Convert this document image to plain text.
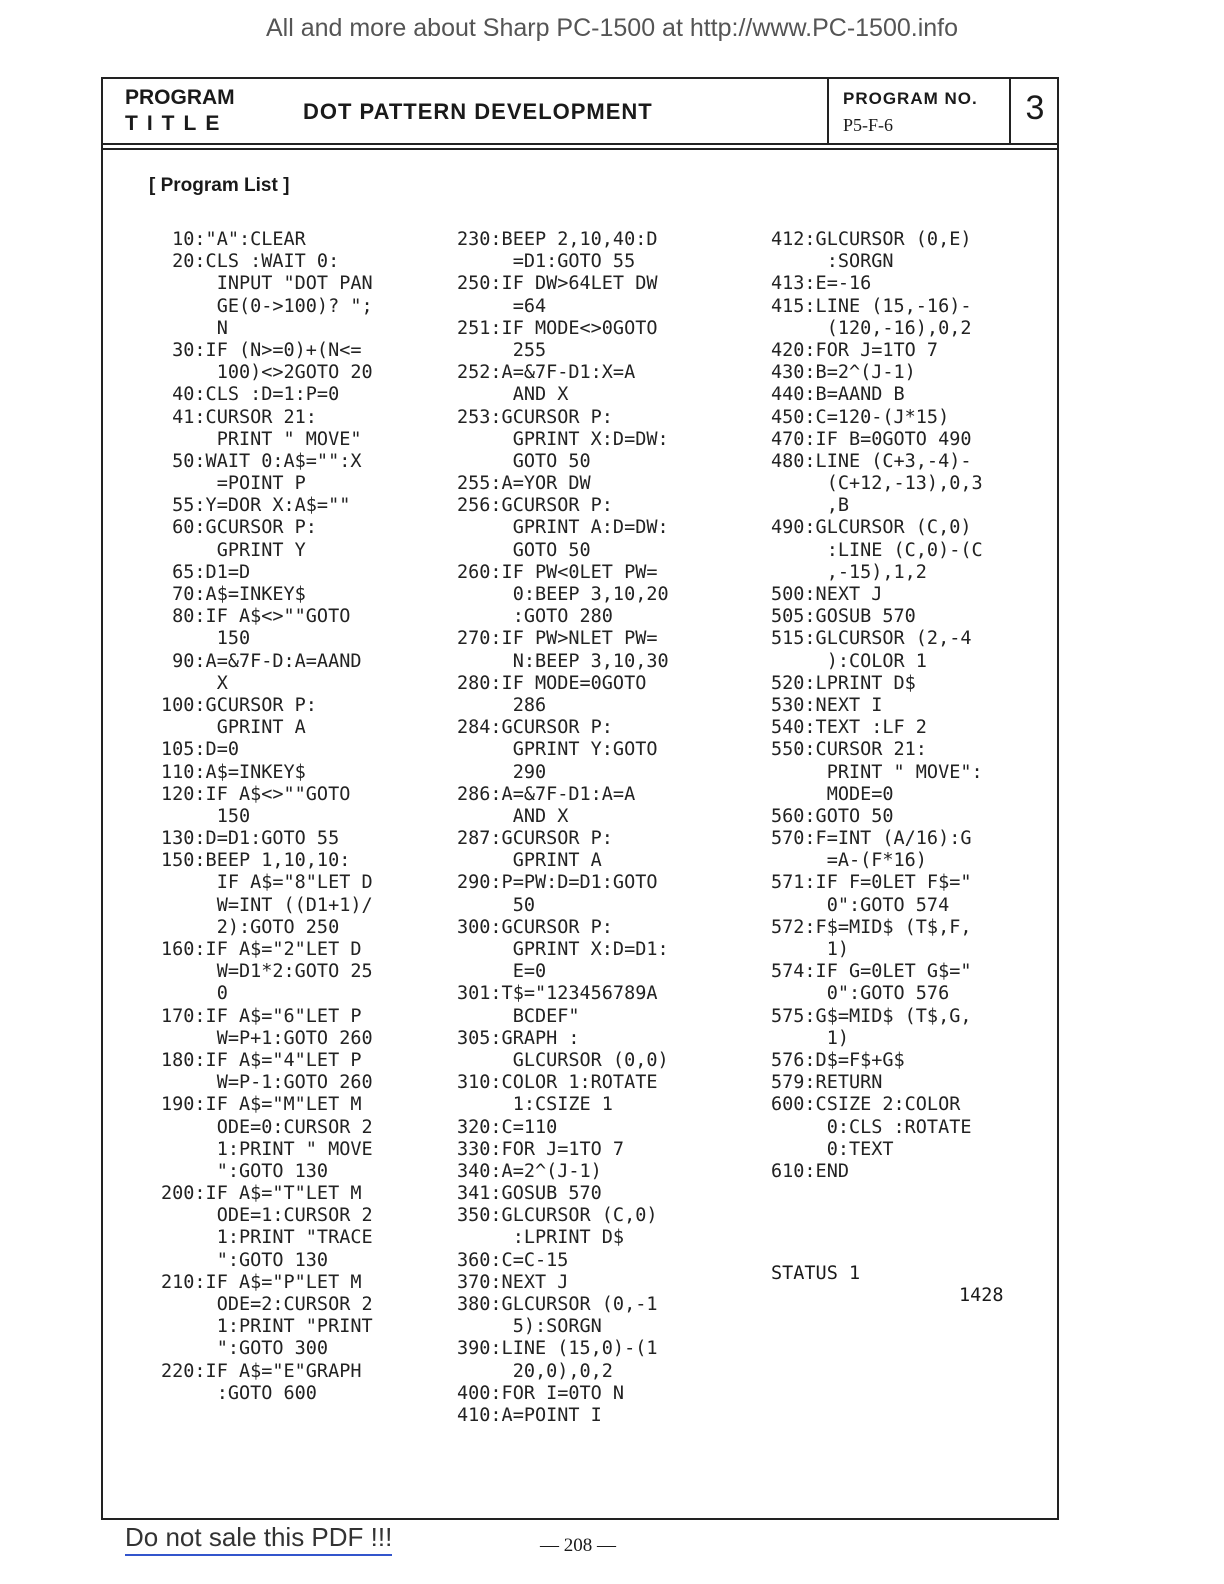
All and more about Sharp PC-1500 at http://www.PC-1500.info
PROGRAM
TITLE	DOT PATTERN DEVELOPMENT
PROGRAM NO.
P5-F-6	3
[ Program List ]
10:"A":CLEAR
20:CLS :WAIT 0:
INPUT "DOT PAN
GE(0->100)? ";
N
30:IF (N>=0)+(N<=
100)<>2GOTO 20
40:CLS :D=1:P=0
41:CURSOR 21:
PRINT " MOVE"
50:WAIT 0:A$="":X
=POINT P
55:Y=DOR X:A$=""
60:GCURSOR P:
GPRINT Y
65:D1=D
70:A$=INKEY$
80:IF A$<>""GOTO
150
90:A=&7F-D:A=AAND
X
100:GCURSOR P:
GPRINT A
105:D=0
110:A$=INKEY$
120:IF A$<>""GOTO
150
130:D=D1:GOTO 55
150:BEEP 1,10,10:
IF A$="8"LET D
W=INT ((D1+1)/
2):GOTO 250
160:IF A$="2"LET D
W=D1*2:GOTO 25
0
170:IF A$="6"LET P
W=P+1:GOTO 260
180:IF A$="4"LET P
W=P-1:GOTO 260
190:IF A$="M"LET M
ODE=0:CURSOR 2
1:PRINT " MOVE
":GOTO 130
200:IF A$="T"LET M
ODE=1:CURSOR 2
1:PRINT "TRACE
":GOTO 130
210:IF A$="P"LET M
ODE=2:CURSOR 2
1:PRINT "PRINT
":GOTO 300
220:IF A$="E"GRAPH
:GOTO 600
230:BEEP 2,10,40:D
=D1:GOTO 55
250:IF DW>64LET DW
=64
251:IF MODE<>0GOTO
255
252:A=&7F-D1:X=A
AND X
253:GCURSOR P:
GPRINT X:D=DW:
GOTO 50
255:A=YOR DW
256:GCURSOR P:
GPRINT A:D=DW:
GOTO 50
260:IF PW<0LET PW=
0:BEEP 3,10,20
:GOTO 280
270:IF PW>NLET PW=
N:BEEP 3,10,30
280:IF MODE=0GOTO
286
284:GCURSOR P:
GPRINT Y:GOTO
290
286:A=&7F-D1:A=A
AND X
287:GCURSOR P:
GPRINT A
290:P=PW:D=D1:GOTO
50
300:GCURSOR P:
GPRINT X:D=D1:
E=0
301:T$="123456789A
BCDEF"
305:GRAPH :
GLCURSOR (0,0)
310:COLOR 1:ROTATE
1:CSIZE 1
320:C=110
330:FOR J=1TO 7
340:A=2^(J-1)
341:GOSUB 570
350:GLCURSOR (C,0)
:LPRINT D$
360:C=C-15
370:NEXT J
380:GLCURSOR (0,-1
5):SORGN
390:LINE (15,0)-(1
20,0),0,2
400:FOR I=0TO N
410:A=POINT I
412:GLCURSOR (0,E)
:SORGN
413:E=-16
415:LINE (15,-16)-
(120,-16),0,2
420:FOR J=1TO 7
430:B=2^(J-1)
440:B=AAND B
450:C=120-(J*15)
470:IF B=0GOTO 490
480:LINE (C+3,-4)-
(C+12,-13),0,3
,B
490:GLCURSOR (C,0)
:LINE (C,0)-(C
,-15),1,2
500:NEXT J
505:GOSUB 570
515:GLCURSOR (2,-4
):COLOR 1
520:LPRINT D$
530:NEXT I
540:TEXT :LF 2
550:CURSOR 21:
PRINT " MOVE":
MODE=0
560:GOTO 50
570:F=INT (A/16):G
=A-(F*16)
571:IF F=0LET F$="
0":GOTO 574
572:F$=MID$ (T$,F,
1)
574:IF G=0LET G$="
0":GOTO 576
575:G$=MID$ (T$,G,
1)
576:D$=F$+G$
579:RETURN
600:CSIZE 2:COLOR
0:CLS :ROTATE
0:TEXT
610:END
STATUS 1
1428
Do not sale this PDF !!!	— 208 —
